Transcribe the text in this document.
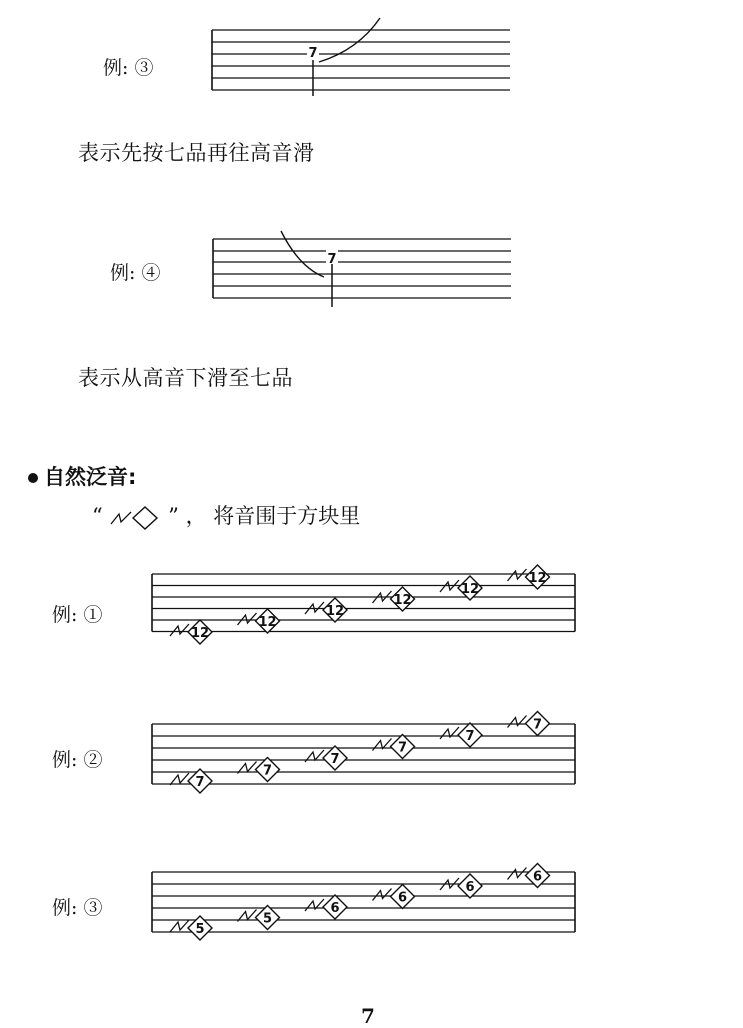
例: ③
7
表示先按七品再往高音滑
例: ④
7
表示从高音下滑至七品
自然泛音:
“	” ， 将音围于方块里
例: ①
12
12
12
12
12
12
例: ②
7
7
7
7
7
7
例: ③
5
5
6
6
6
6
7
